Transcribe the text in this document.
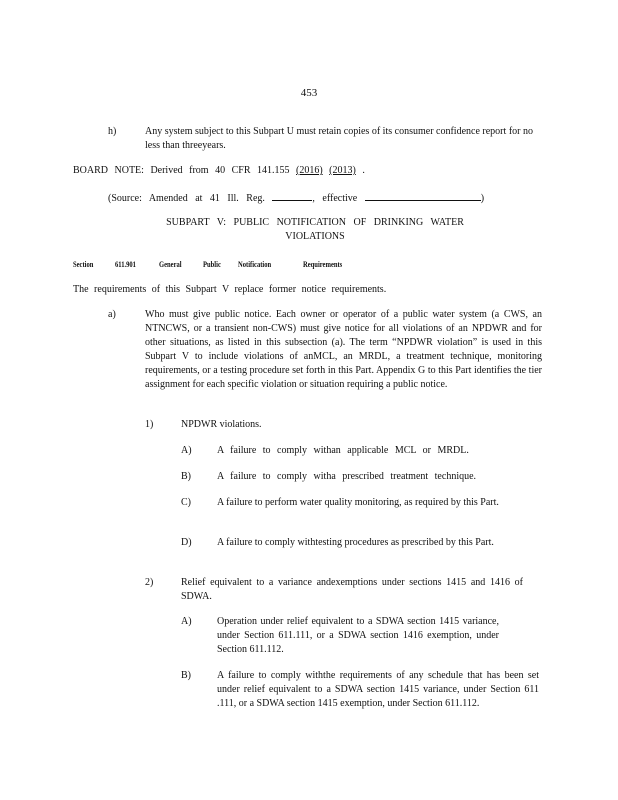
453
h)	Any system subject to this Subpart U must retain copies of its consumer confidence report for no less than threeyears.
BOARD NOTE: Derived from 40 CFR 141.155 (2016) (2013) .
(Source: Amended at 41 Ill. Reg.	, effective	)
SUBPART V: PUBLIC NOTIFICATION OF DRINKING WATER
VIOLATIONS
Section	611.901	General	Public Notification	Requirements
The requirements of this Subpart V replace former notice requirements.
a)	Who must give public notice. Each owner or operator of a public water system (a CWS, an NTNCWS, or a transient non-CWS) must give notice for all violations of an NPDWR and for other situations, as listed in this subsection (a). The term “NPDWR violation” is used in this Subpart V to include violations of anMCL, an MRDL, a treatment technique, monitoring requirements, or a testing procedure set forth in this Part. Appendix G to this Part identifies the tier assignment for each specific violation or situation requiring a public notice.
1)	NPDWR violations.
A)	A failure to comply withan applicable MCL or MRDL.
B)	A failure to comply witha prescribed treatment technique.
C)	A failure to perform water quality monitoring, as required by this Part.
D)	A failure to comply withtesting procedures as prescribed by this Part.
2)	Relief equivalent to a variance andexemptions under sections 1415 and 1416 of SDWA.
A)	Operation under relief equivalent to a SDWA section 1415 variance, under Section 611.111, or a SDWA section 1416 exemption, under Section 611.112.
B)	A failure to comply withthe requirements of any schedule that has been set under relief equivalent to a SDWA section 1415 variance, under Section 611 .111, or a SDWA section 1415 exemption, under Section 611.112.
